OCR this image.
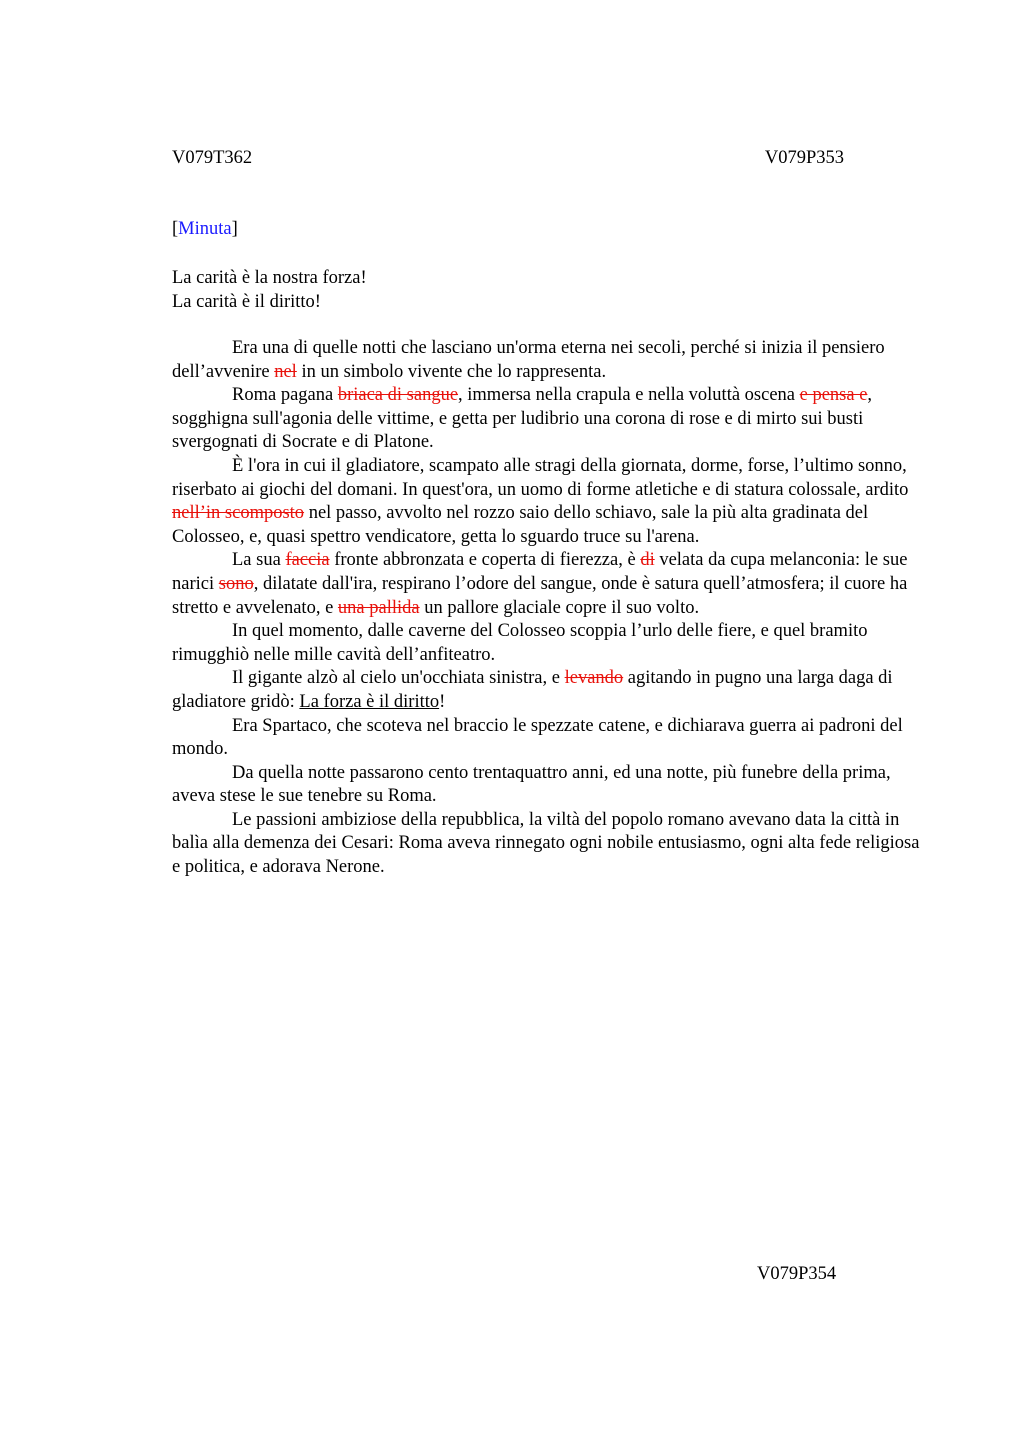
V079T362	V079P353
[Minuta]
La carità è la nostra forza!
La carità è il diritto!

Era una di quelle notti che lasciano un'orma eterna nei secoli, perché si inizia il pensiero dell’avvenire nel in un simbolo vivente che lo rappresenta.

Roma pagana briaca di sangue, immersa nella crapula e nella voluttà oscena e pensa e, sogghigna sull'agonia delle vittime, e getta per ludibrio una corona di rose e di mirto sui busti svergognati di Socrate e di Platone.

È l'ora in cui il gladiatore, scampato alle stragi della giornata, dorme, forse, l’ultimo sonno, riserbato ai giochi del domani. In quest'ora, un uomo di forme atletiche e di statura colossale, ardito nell’in scomposto nel passo, avvolto nel rozzo saio dello schiavo, sale la più alta gradinata del Colosseo, e, quasi spettro vendicatore, getta lo sguardo truce su l'arena.

La sua faccia fronte abbronzata e coperta di fierezza, è di velata da cupa melanconia: le sue narici sono, dilatate dall'ira, respirano l’odore del sangue, onde è satura quell’atmosfera; il cuore ha stretto e avvelenato, e una pallida un pallore glaciale copre il suo volto.

In quel momento, dalle caverne del Colosseo scoppia l’urlo delle fiere, e quel bramito rimugghiò nelle mille cavità dell’anfiteatro.

Il gigante alzò al cielo un'occhiata sinistra, e levando agitando in pugno una larga daga di gladiatore gridò: La forza è il diritto!

Era Spartaco, che scoteva nel braccio le spezzate catene, e dichiarava guerra ai padroni del mondo.

Da quella notte passarono cento trentaquattro anni, ed una notte, più funebre della prima, aveva stese le sue tenebre su Roma.

Le passioni ambiziose della repubblica, la viltà del popolo romano avevano data la città in balìa alla demenza dei Cesari: Roma aveva rinnegato ogni nobile entusiasmo, ogni alta fede religiosa e politica, e adorava Nerone.

V079P354
